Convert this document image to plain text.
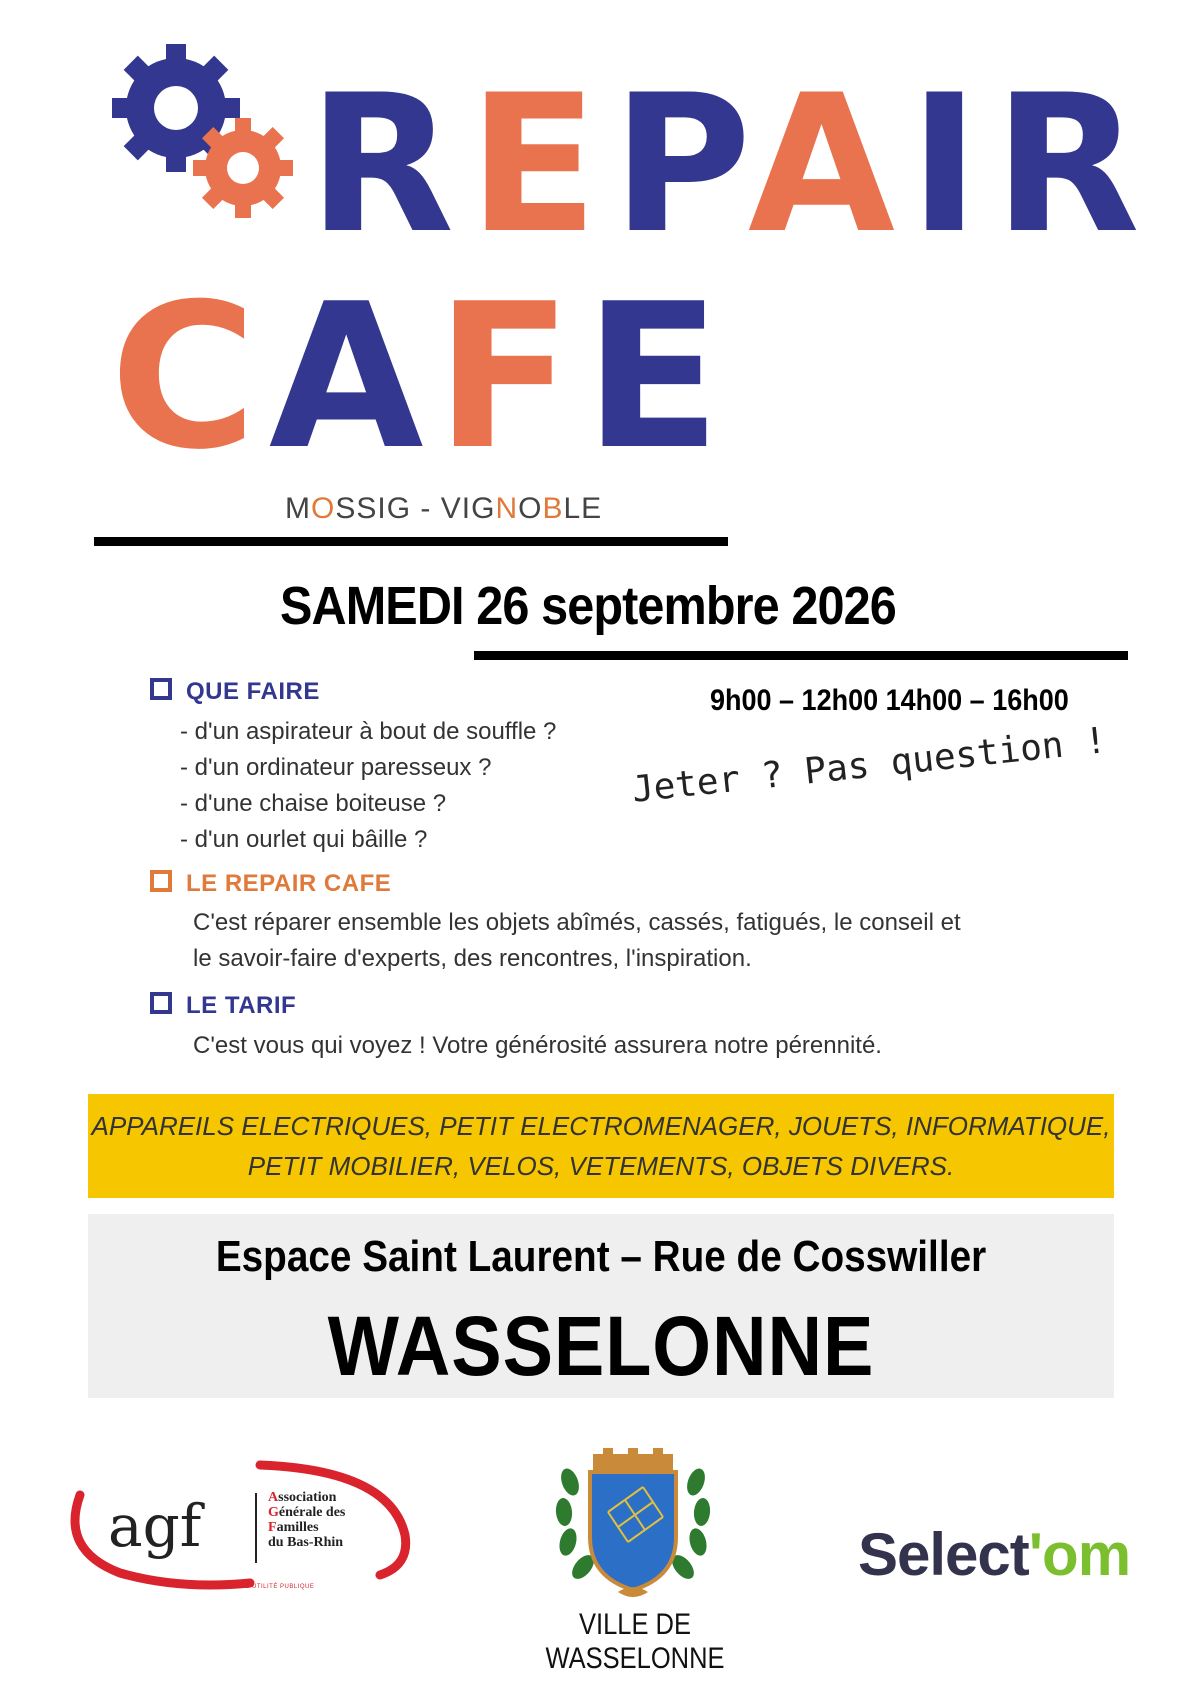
REPAIR
CAFE
MOSSIG - VIGNOBLE
SAMEDI 26 septembre 2026
9h00 – 12h00 14h00 – 16h00
Jeter ? Pas question !
QUE FAIRE
- d'un aspirateur à bout de souffle ?
- d'un ordinateur paresseux ?
- d'une chaise boiteuse ?
- d'un ourlet qui bâille ?
LE REPAIR CAFE
C'est réparer ensemble les objets abîmés, cassés, fatigués, le conseil et
le savoir-faire d'experts, des rencontres, l'inspiration.
LE TARIF
C'est vous qui voyez ! Votre générosité assurera notre pérennité.

APPAREILS ELECTRIQUES, PETIT ELECTROMENAGER, JOUETS, INFORMATIQUE,

PETIT MOBILIER, VELOS, VETEMENTS, OBJETS DIVERS.

Espace Saint Laurent – Rue de Cosswiller
WASSELONNE
agf	Association
Générale des
Familles
du Bas-Rhin
RECONNUE D'UTILITÉ PUBLIQUE
VILLE DE WASSELONNE
Select'om
